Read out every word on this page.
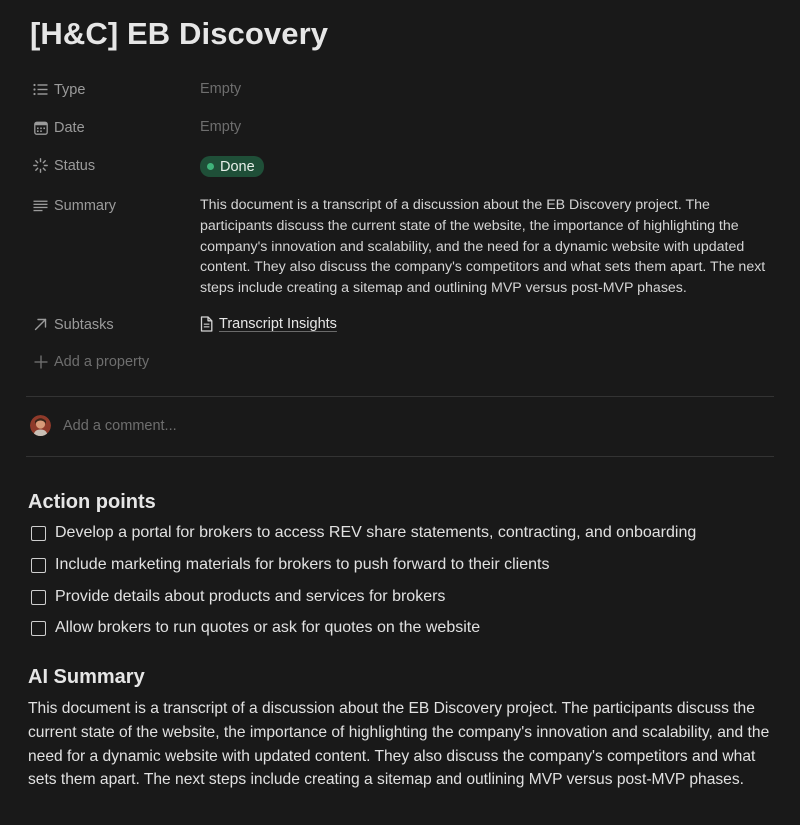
[H&C] EB Discovery
Type	Empty
Date	Empty
Status	Done
Summary	This document is a transcript of a discussion about the EB Discovery project. The participants discuss the current state of the website, the importance of highlighting the company's innovation and scalability, and the need for a dynamic website with updated content. They also discuss the company's competitors and what sets them apart. The next steps include creating a sitemap and outlining MVP versus post-MVP phases.
Subtasks	Transcript Insights
Add a property
Add a comment...
Action points
Develop a portal for brokers to access REV share statements, contracting, and onboarding
Include marketing materials for brokers to push forward to their clients
Provide details about products and services for brokers
Allow brokers to run quotes or ask for quotes on the website
AI Summary
This document is a transcript of a discussion about the EB Discovery project. The participants discuss the current state of the website, the importance of highlighting the company's innovation and scalability, and the need for a dynamic website with updated content. They also discuss the company's competitors and what sets them apart. The next steps include creating a sitemap and outlining MVP versus post-MVP phases.
